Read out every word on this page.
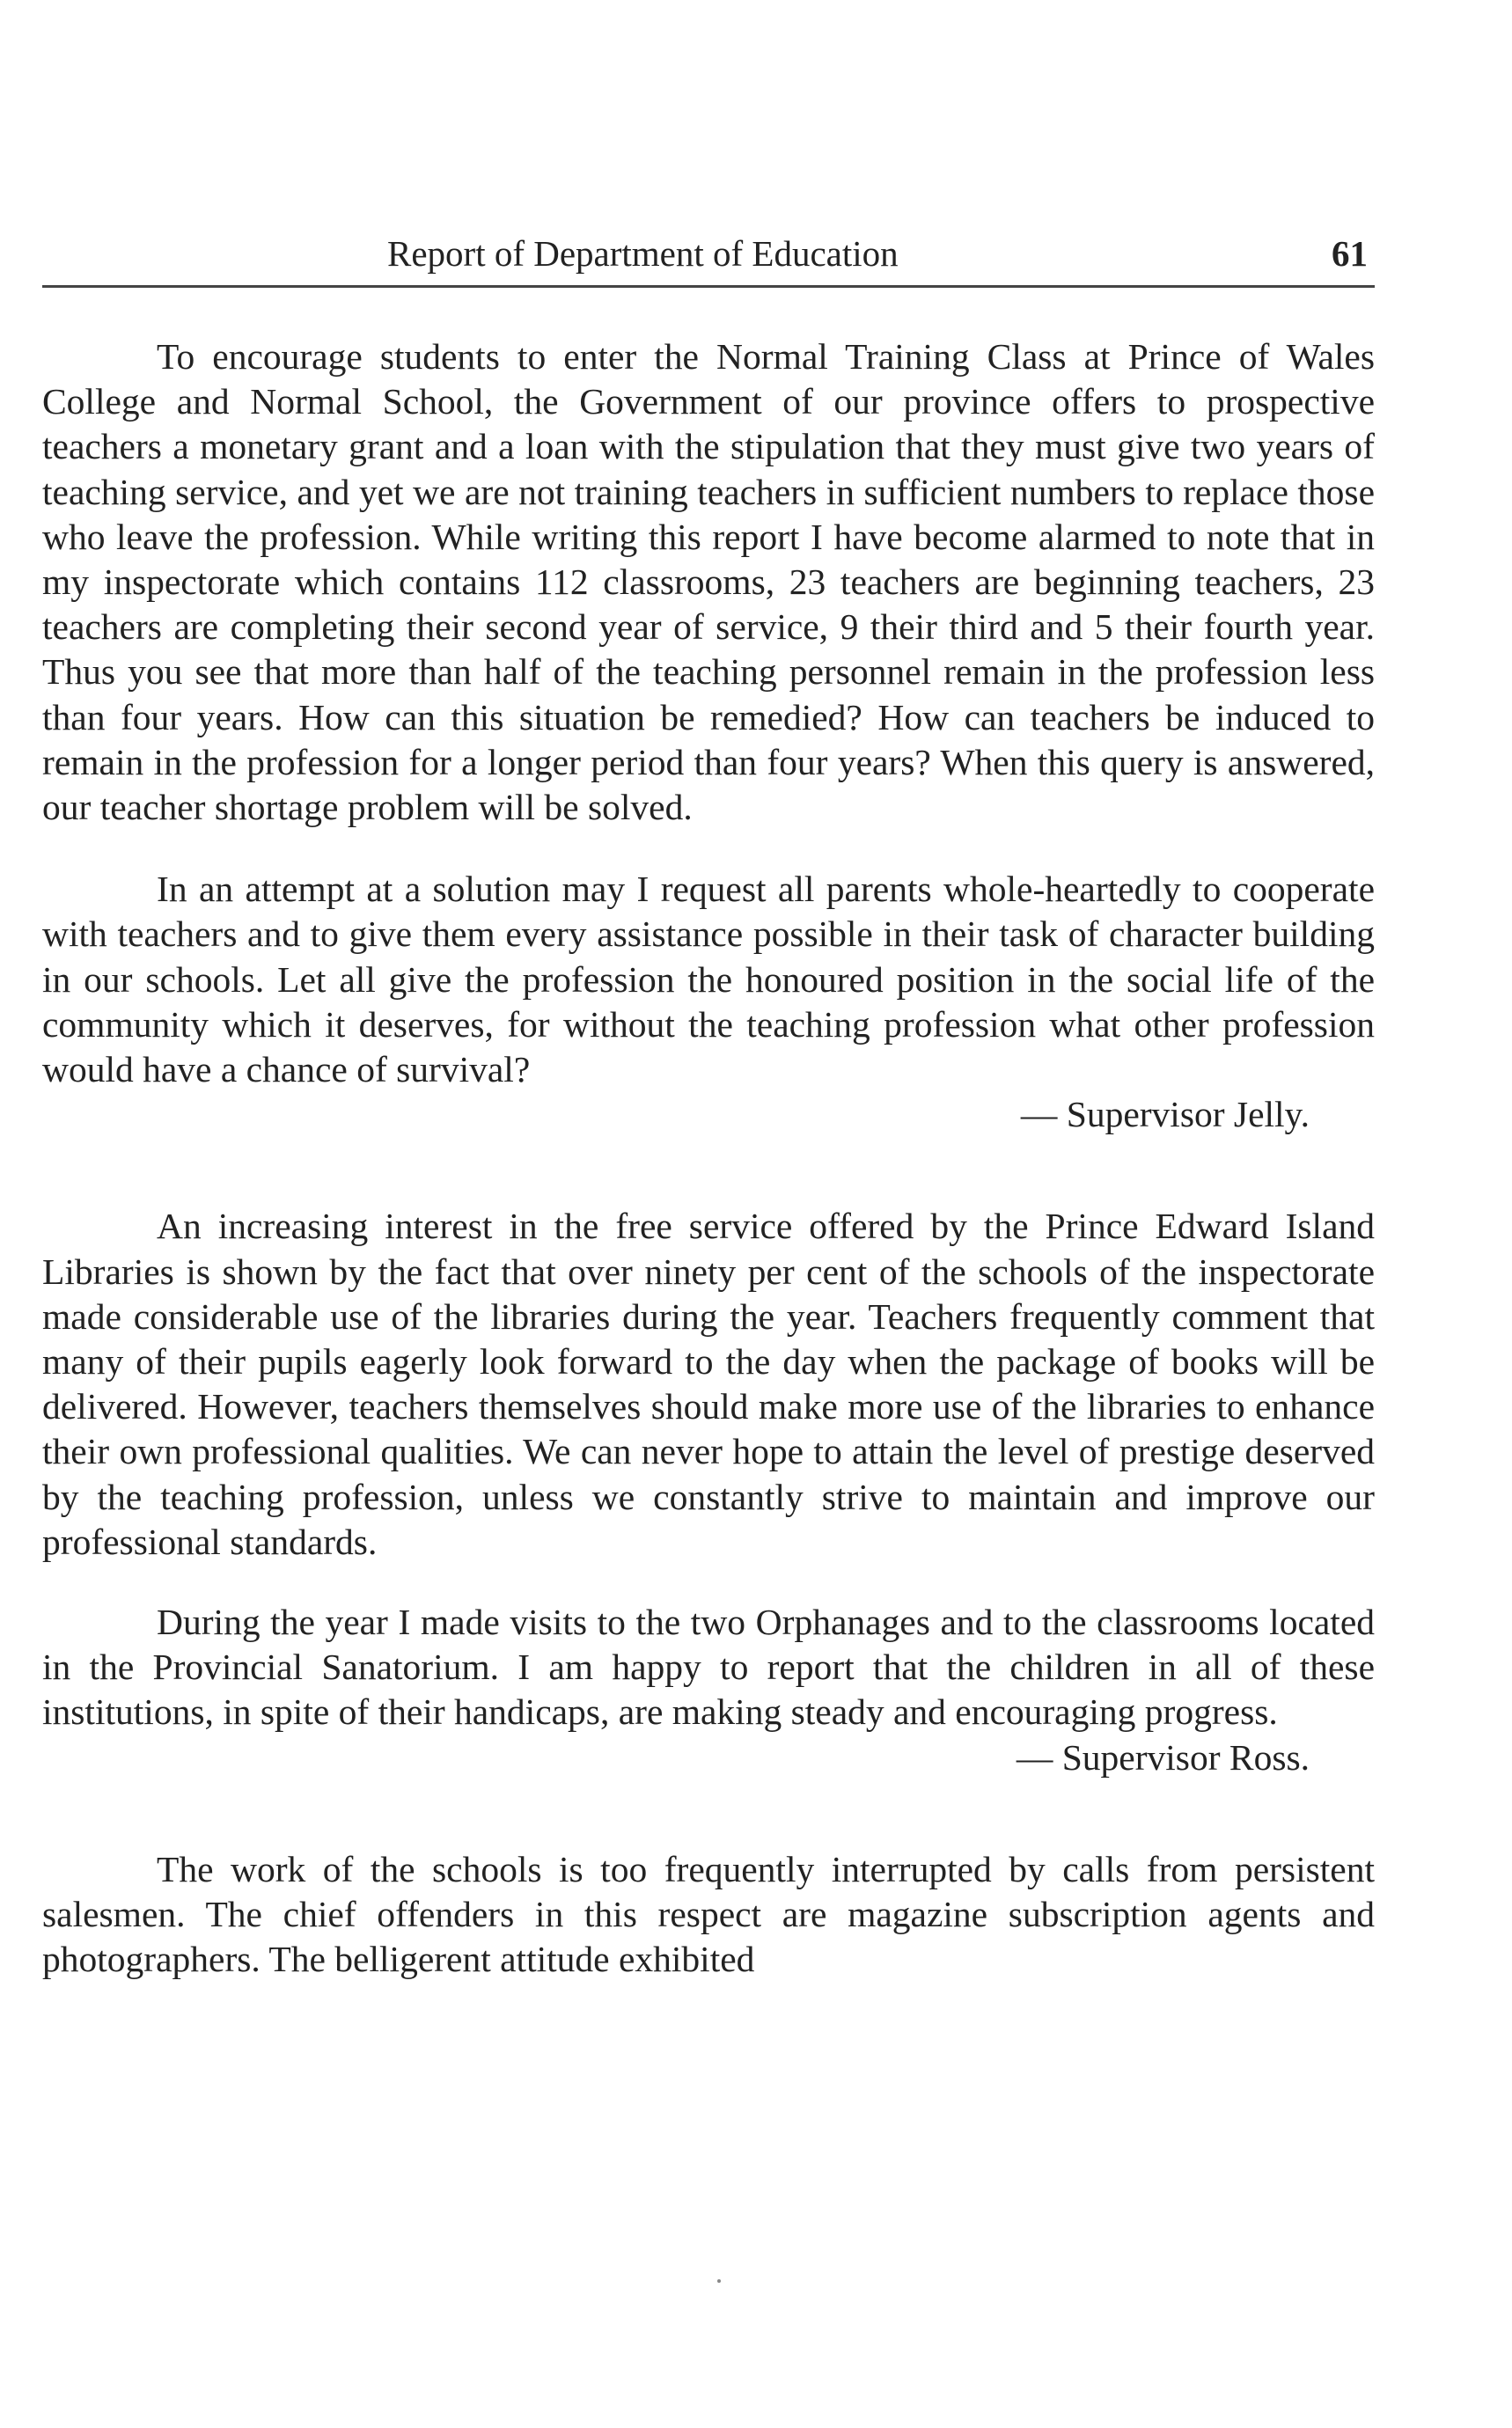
Report of Department of Education	61

To encourage students to enter the Normal Training Class at Prince of Wales College and Normal School, the Government of our province offers to prospective teachers a monetary grant and a loan with the stipulation that they must give two years of teaching service, and yet we are not training teachers in sufficient numbers to replace those who leave the profession. While writing this report I have become alarmed to note that in my inspectorate which contains 112 classrooms, 23 teachers are beginning teachers, 23 teachers are completing their second year of service, 9 their third and 5 their fourth year. Thus you see that more than half of the teaching personnel remain in the profession less than four years. How can this situation be remedied? How can teachers be induced to remain in the profession for a longer period than four years? When this query is answered, our teacher shortage problem will be solved.

In an attempt at a solution may I request all parents whole-heartedly to cooperate with teachers and to give them every assistance possible in their task of character building in our schools. Let all give the profession the honoured position in the social life of the community which it deserves, for without the teaching profession what other profession would have a chance of survival?

— Supervisor Jelly.

An increasing interest in the free service offered by the Prince Edward Island Libraries is shown by the fact that over ninety per cent of the schools of the inspectorate made considerable use of the libraries during the year. Teachers frequently comment that many of their pupils eagerly look forward to the day when the package of books will be delivered. However, teachers themselves should make more use of the libraries to enhance their own professional qualities. We can never hope to attain the level of prestige deserved by the teaching profession, unless we constantly strive to maintain and improve our professional standards.

During the year I made visits to the two Orphanages and to the classrooms located in the Provincial Sanatorium. I am happy to report that the children in all of these institutions, in spite of their handicaps, are making steady and encouraging progress.

— Supervisor Ross.

The work of the schools is too frequently interrupted by calls from persistent salesmen. The chief offenders in this respect are magazine subscription agents and photographers. The belligerent attitude exhibited
